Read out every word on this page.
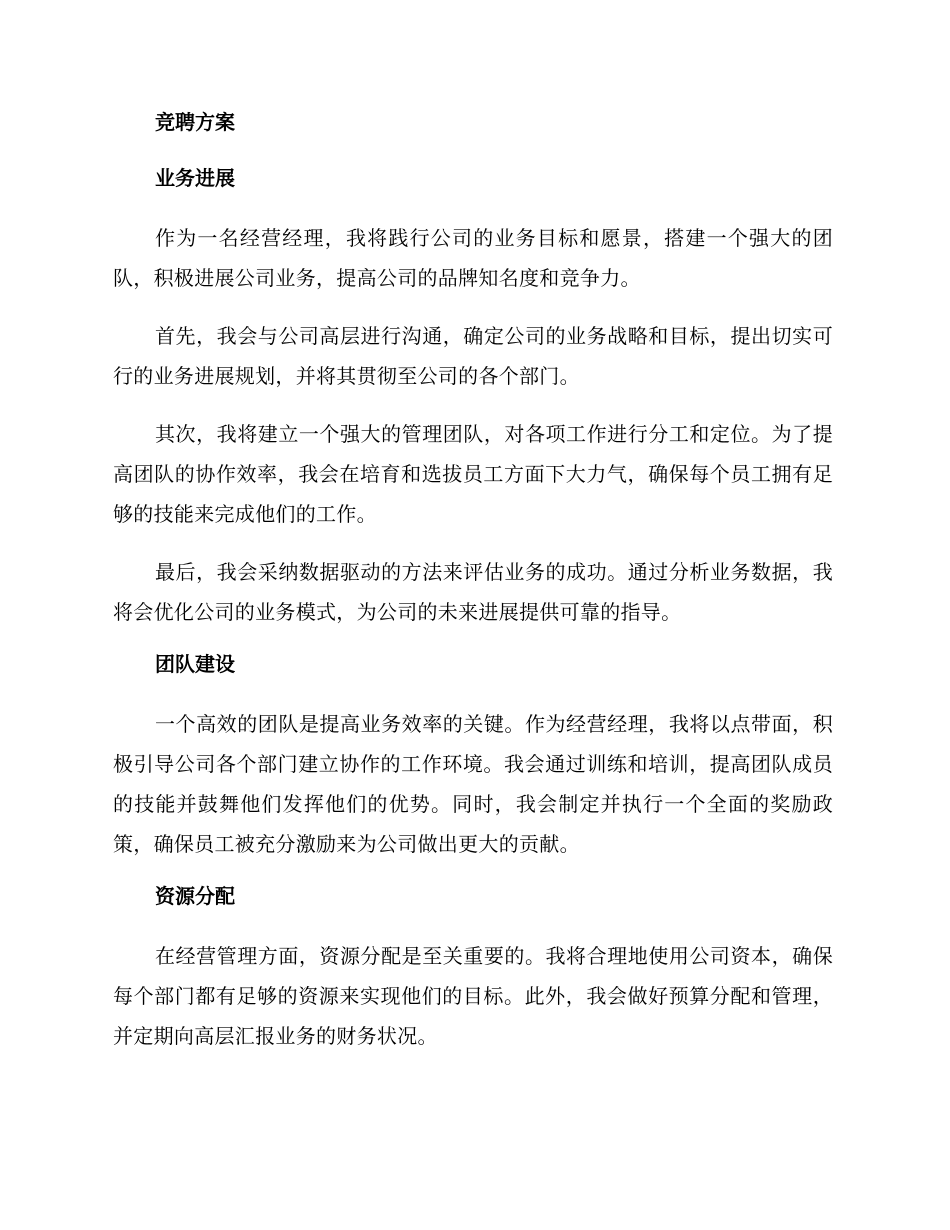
竞聘方案
业务进展

作为一名经营经理，我将践行公司的业务目标和愿景，搭建一个强大的团队，积极进展公司业务，提高公司的品牌知名度和竞争力。

首先，我会与公司高层进行沟通，确定公司的业务战略和目标，提出切实可行的业务进展规划，并将其贯彻至公司的各个部门。

其次，我将建立一个强大的管理团队，对各项工作进行分工和定位。为了提高团队的协作效率，我会在培育和选拔员工方面下大力气，确保每个员工拥有足够的技能来完成他们的工作。

最后，我会采纳数据驱动的方法来评估业务的成功。通过分析业务数据，我将会优化公司的业务模式，为公司的未来进展提供可靠的指导。

团队建设

一个高效的团队是提高业务效率的关键。作为经营经理，我将以点带面，积极引导公司各个部门建立协作的工作环境。我会通过训练和培训，提高团队成员的技能并鼓舞他们发挥他们的优势。同时，我会制定并执行一个全面的奖励政策，确保员工被充分激励来为公司做出更大的贡献。

资源分配

在经营管理方面，资源分配是至关重要的。我将合理地使用公司资本，确保每个部门都有足够的资源来实现他们的目标。此外，我会做好预算分配和管理，并定期向高层汇报业务的财务状况。
